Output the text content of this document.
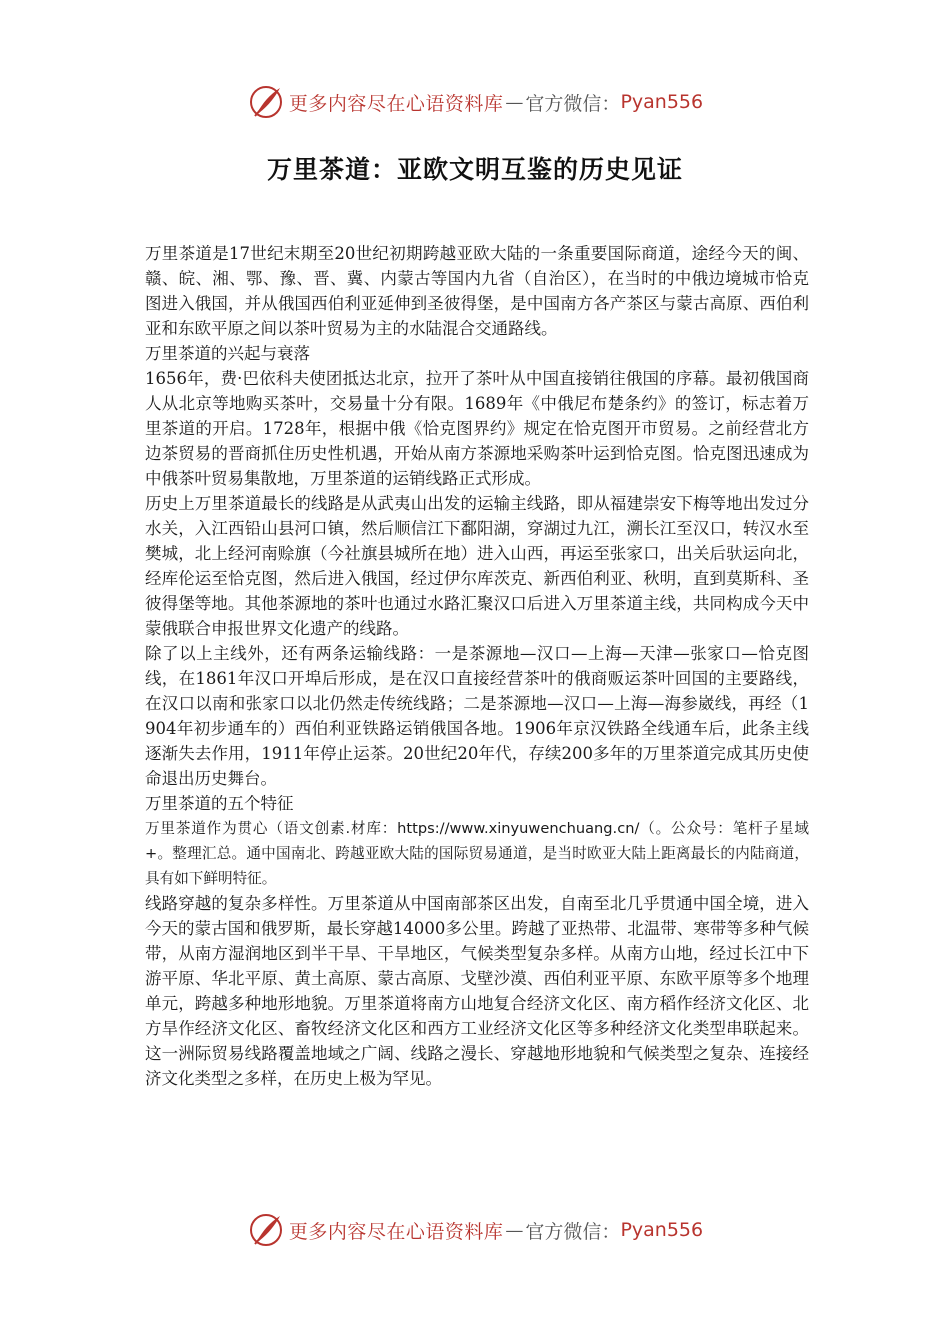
更多内容尽在心语资料库 — 官方微信： Pyan556
万里茶道：亚欧文明互鉴的历史见证

万里茶道是17世纪末期至20世纪初期跨越亚欧大陆的一条重要国际商道，途经今天的闽、赣、皖、湘、鄂、豫、晋、冀、内蒙古等国内九省（自治区），在当时的中俄边境城市恰克图进入俄国，并从俄国西伯利亚延伸到圣彼得堡，是中国南方各产茶区与蒙古高原、西伯利亚和东欧平原之间以茶叶贸易为主的水陆混合交通路线。

万里茶道的兴起与衰落

1656年，费·巴依科夫使团抵达北京，拉开了茶叶从中国直接销往俄国的序幕。最初俄国商人从北京等地购买茶叶，交易量十分有限。1689年《中俄尼布楚条约》的签订，标志着万里茶道的开启。1728年，根据中俄《恰克图界约》规定在恰克图开市贸易。之前经营北方边茶贸易的晋商抓住历史性机遇，开始从南方茶源地采购茶叶运到恰克图。恰克图迅速成为中俄茶叶贸易集散地，万里茶道的运销线路正式形成。

历史上万里茶道最长的线路是从武夷山出发的运输主线路，即从福建崇安下梅等地出发过分水关，入江西铅山县河口镇，然后顺信江下鄱阳湖，穿湖过九江，溯长江至汉口，转汉水至樊城，北上经河南赊旗（今社旗县城所在地）进入山西，再运至张家口，出关后驮运向北，经库伦运至恰克图，然后进入俄国，经过伊尔库茨克、新西伯利亚、秋明，直到莫斯科、圣彼得堡等地。其他茶源地的茶叶也通过水路汇聚汉口后进入万里茶道主线，共同构成今天中蒙俄联合申报世界文化遗产的线路。

除了以上主线外，还有两条运输线路：一是茶源地—汉口—上海—天津—张家口—恰克图线，在1861年汉口开埠后形成，是在汉口直接经营茶叶的俄商贩运茶叶回国的主要路线，在汉口以南和张家口以北仍然走传统线路；二是茶源地—汉口—上海—海参崴线，再经（1904年初步通车的）西伯利亚铁路运销俄国各地。1906年京汉铁路全线通车后，此条主线逐渐失去作用，1911年停止运茶。20世纪20年代，存续200多年的万里茶道完成其历史使命退出历史舞台。

万里茶道的五个特征

万里茶道作为贯心（语文创素.材库：https://www.xinyuwenchuang.cn/（。公众号：笔杆子星域+。整理汇总。通中国南北、跨越亚欧大陆的国际贸易通道，是当时欧亚大陆上距离最长的内陆商道，具有如下鲜明特征。

线路穿越的复杂多样性。万里茶道从中国南部茶区出发，自南至北几乎贯通中国全境，进入今天的蒙古国和俄罗斯，最长穿越14000多公里。跨越了亚热带、北温带、寒带等多种气候带，从南方湿润地区到半干旱、干旱地区，气候类型复杂多样。从南方山地，经过长江中下游平原、华北平原、黄土高原、蒙古高原、戈壁沙漠、西伯利亚平原、东欧平原等多个地理单元，跨越多种地形地貌。万里茶道将南方山地复合经济文化区、南方稻作经济文化区、北方旱作经济文化区、畜牧经济文化区和西方工业经济文化区等多种经济文化类型串联起来。这一洲际贸易线路覆盖地域之广阔、线路之漫长、穿越地形地貌和气候类型之复杂、连接经济文化类型之多样，在历史上极为罕见。

更多内容尽在心语资料库 — 官方微信： Pyan556
